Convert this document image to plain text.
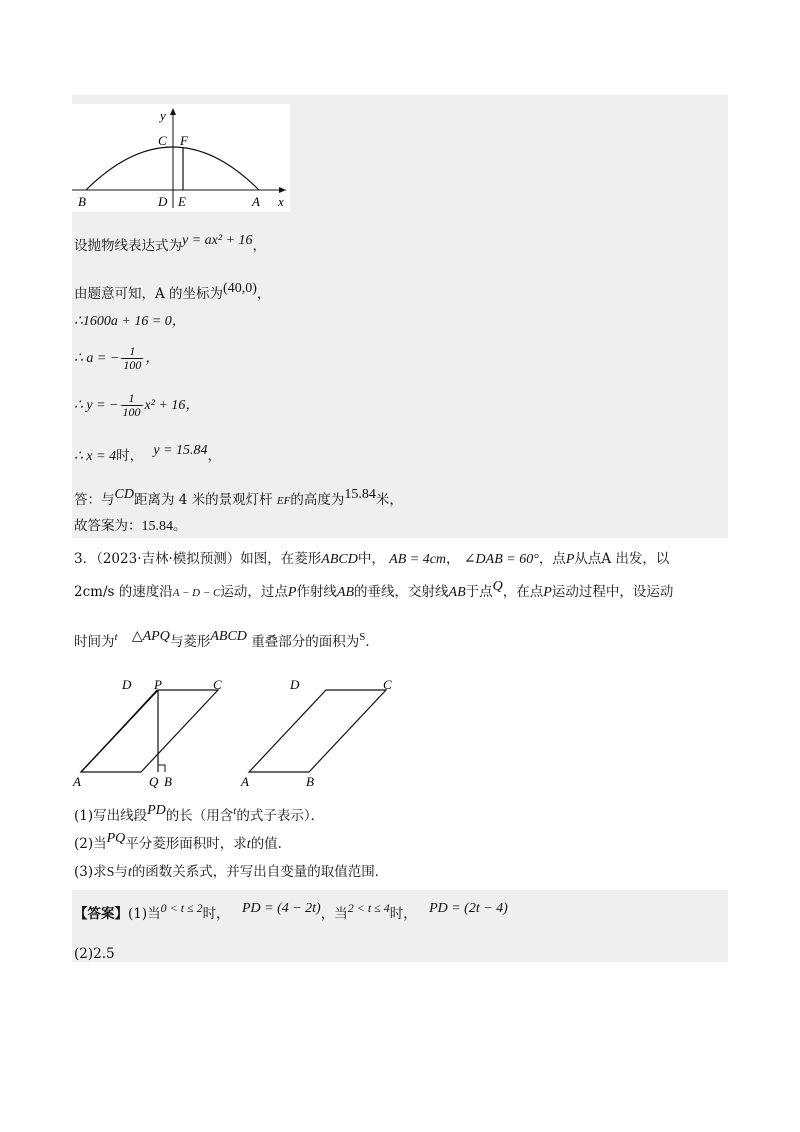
y
C F
B	D E	A x
设抛物线表达式为y = ax² + 16，
由题意可知，A 的坐标为(40,0)，
∴1600a + 16 = 0，
∴ a = − $\frac{1}{100}$ ，
∴ y = − $\frac{1}{100} x^2 + 16$，
∴ x = 4时， y = 15.84，
答：与CD距离为 4 米的景观灯杆 EF的高度为15.84米，
故答案为：15.84。
3．（2023·吉林·模拟预测）如图，在菱形ABCD中， AB = 4cm， ∠DAB = 60°，点P从点A 出发，以
2cm/s 的速度沿A − D − C运动，过点P作射线AB的垂线，交射线AB于点Q，在点P运动过程中，设运动
时间为$^t$ △APQ与菱形ABCD 重叠部分的面积为$^S$．
D P	C
A	Q B
D	C
A	B
(1)写出线段PD的长（用含$^t$的式子表示）．
(2)当PQ平分菱形面积时，求t的值．
(3)求S与t的函数关系式，并写出自变量的取值范围．
【答案】(1)当0 < t ≤ 2时， PD = (4 − 2t)，当2 < t ≤ 4时， PD = (2t − 4)
(2)2.5
